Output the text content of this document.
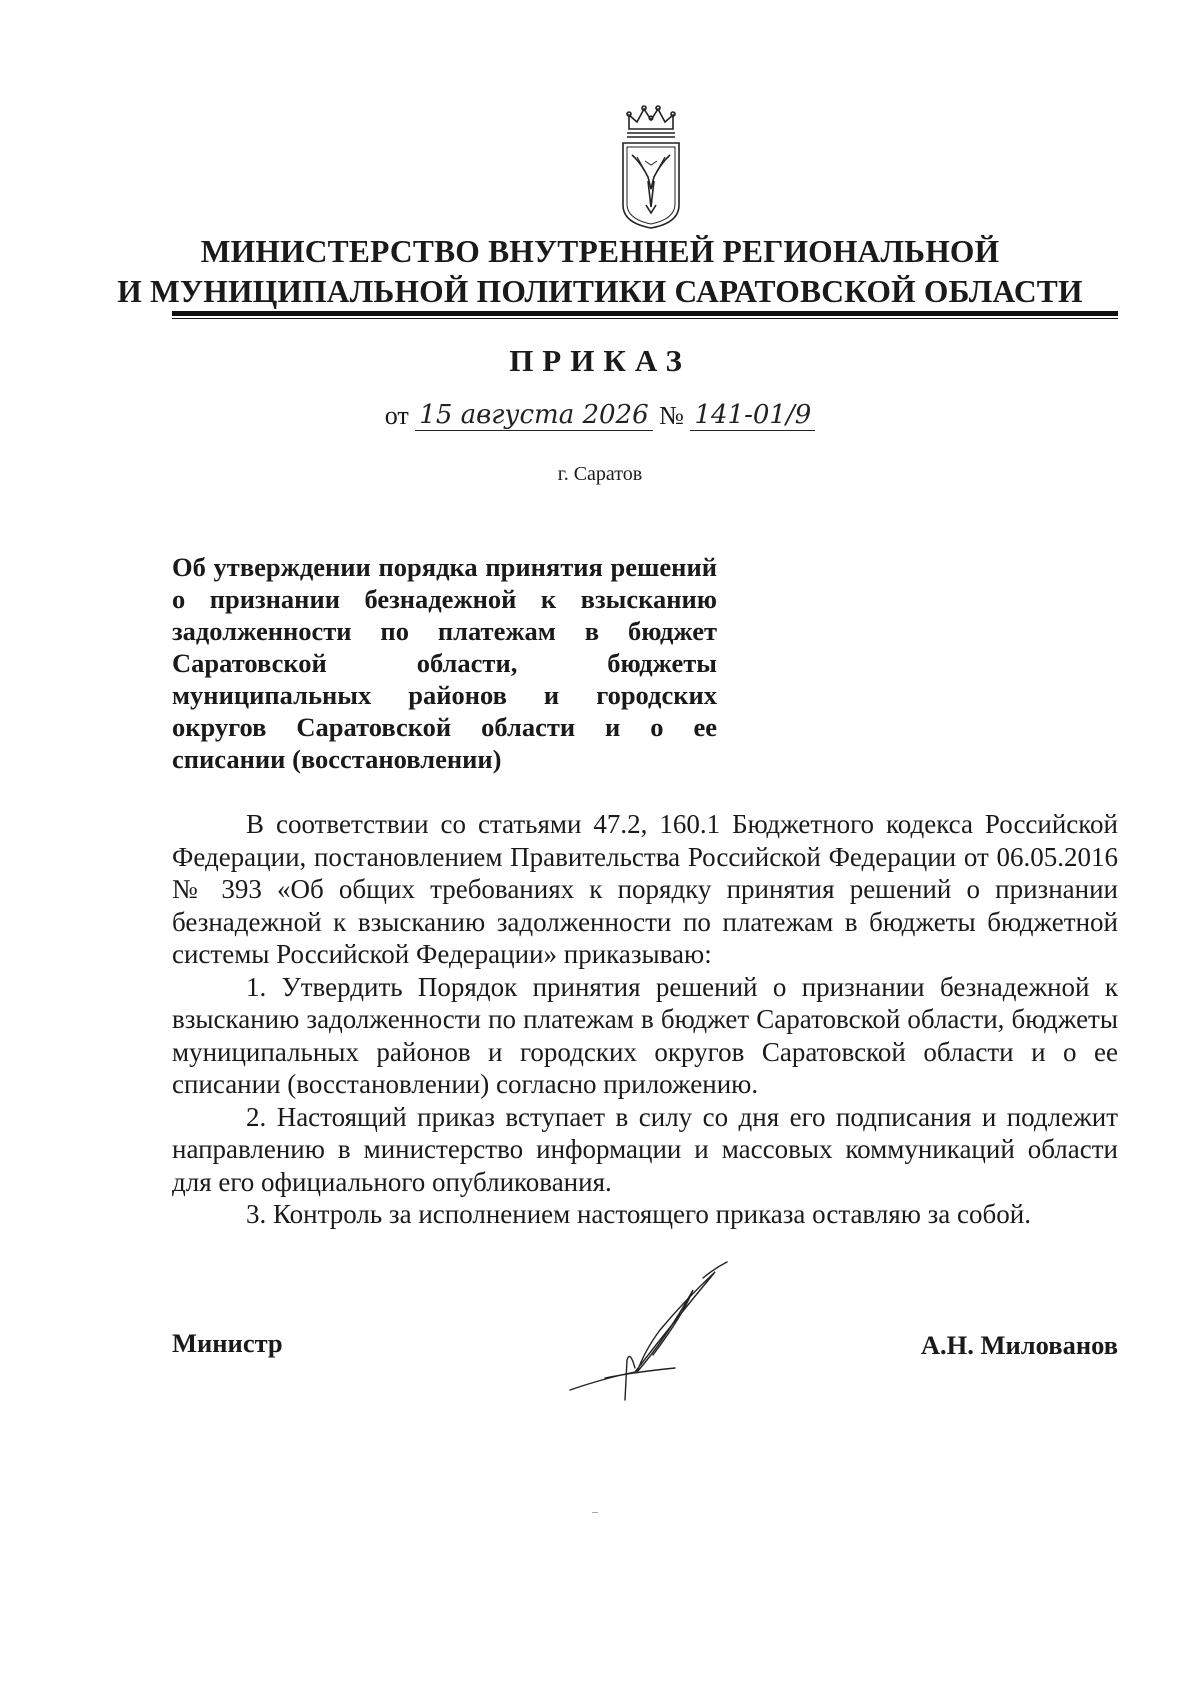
МИНИСТЕРСТВО ВНУТРЕННЕЙ РЕГИОНАЛЬНОЙ
И МУНИЦИПАЛЬНОЙ ПОЛИТИКИ САРАТОВСКОЙ ОБЛАСТИ
ПРИКАЗ
от 15 августа 2026 № 141-01/9
г. Саратов
Об утверждении порядка принятия решений о признании безнадежной к взысканию задолженности по платежам в бюджет Саратовской области, бюджеты муниципальных районов и городских округов Саратовской области и о ее списании (восстановлении)

В соответствии со статьями 47.2, 160.1 Бюджетного кодекса Российской Федерации, постановлением Правительства Российской Федерации от 06.05.2016 № 393 «Об общих требованиях к порядку принятия решений о признании безнадежной к взысканию задолженности по платежам в бюджеты бюджетной системы Российской Федерации» приказываю:

1. Утвердить Порядок принятия решений о признании безнадежной к взысканию задолженности по платежам в бюджет Саратовской области, бюджеты муниципальных районов и городских округов Саратовской области и о ее списании (восстановлении) согласно приложению.

2. Настоящий приказ вступает в силу со дня его подписания и подлежит направлению в министерство информации и массовых коммуникаций области для его официального опубликования.

3. Контроль за исполнением настоящего приказа оставляю за собой.

Министр	А.Н. Милованов
